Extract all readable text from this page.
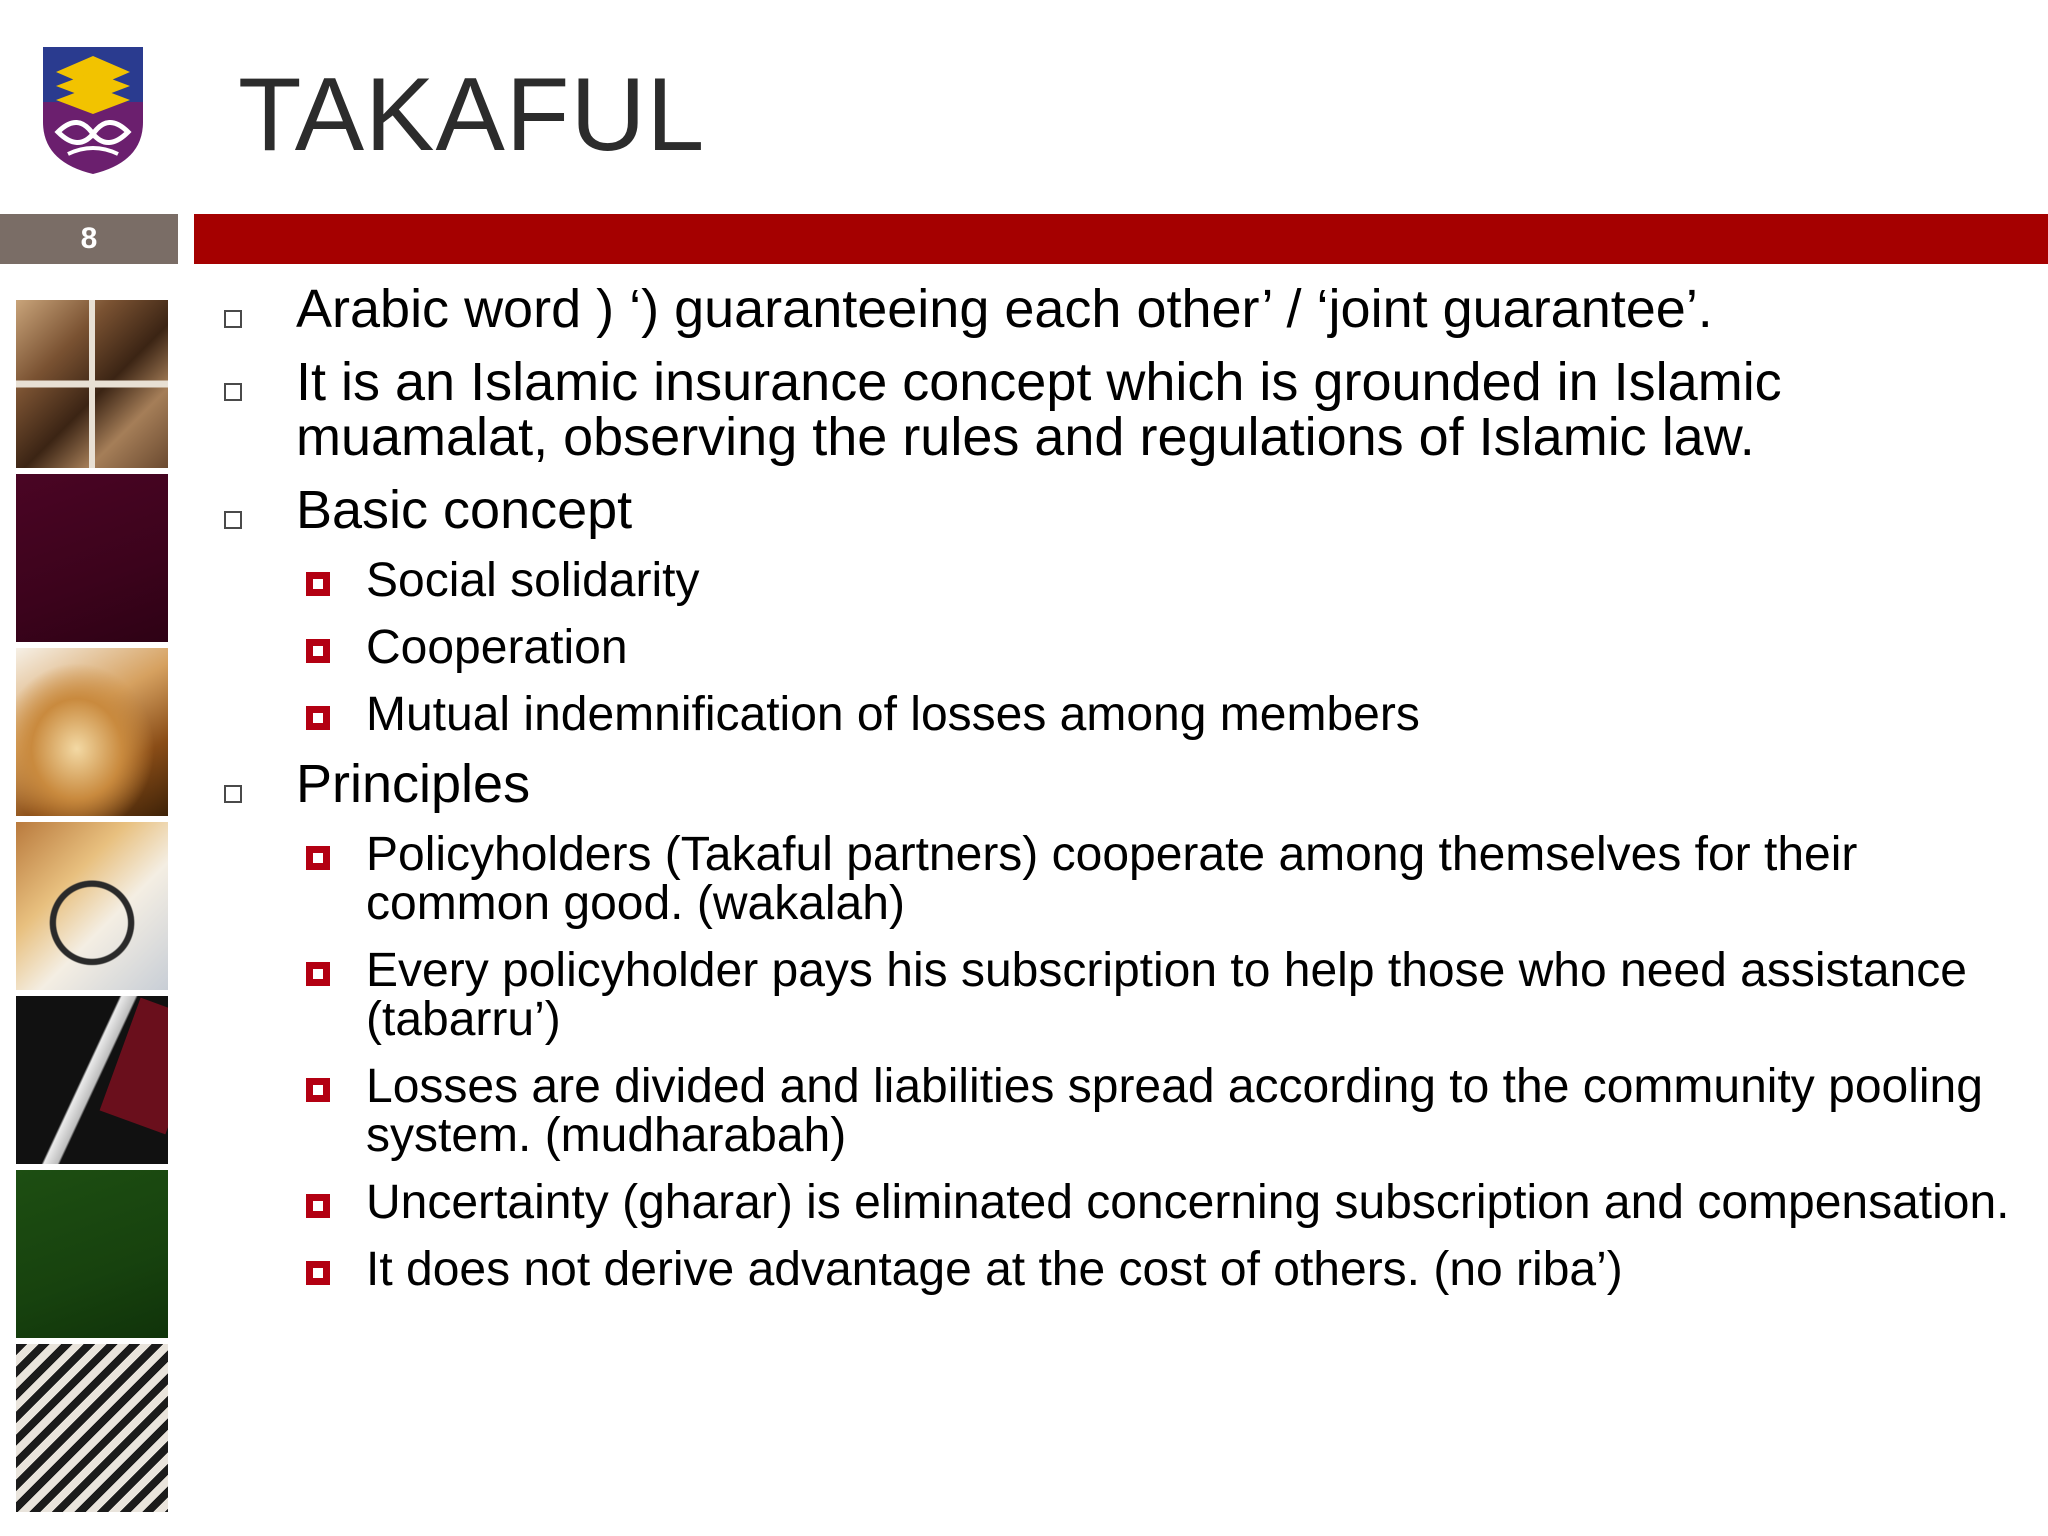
TAKAFUL
8
Arabic word ) ‘) guaranteeing each other’ / ‘joint guarantee’.
It is an Islamic insurance concept which is grounded in Islamic muamalat, observing the rules and regulations of Islamic law.
Basic concept
Social solidarity
Cooperation
Mutual indemnification of losses among members
Principles
Policyholders (Takaful partners) cooperate among themselves for their common good. (wakalah)
Every policyholder pays his subscription to help those who need assistance (tabarru’)
Losses are divided and liabilities spread according to the community pooling system. (mudharabah)
Uncertainty (gharar) is eliminated concerning subscription and compensation.
It does not derive advantage at the cost of others. (no riba’)
